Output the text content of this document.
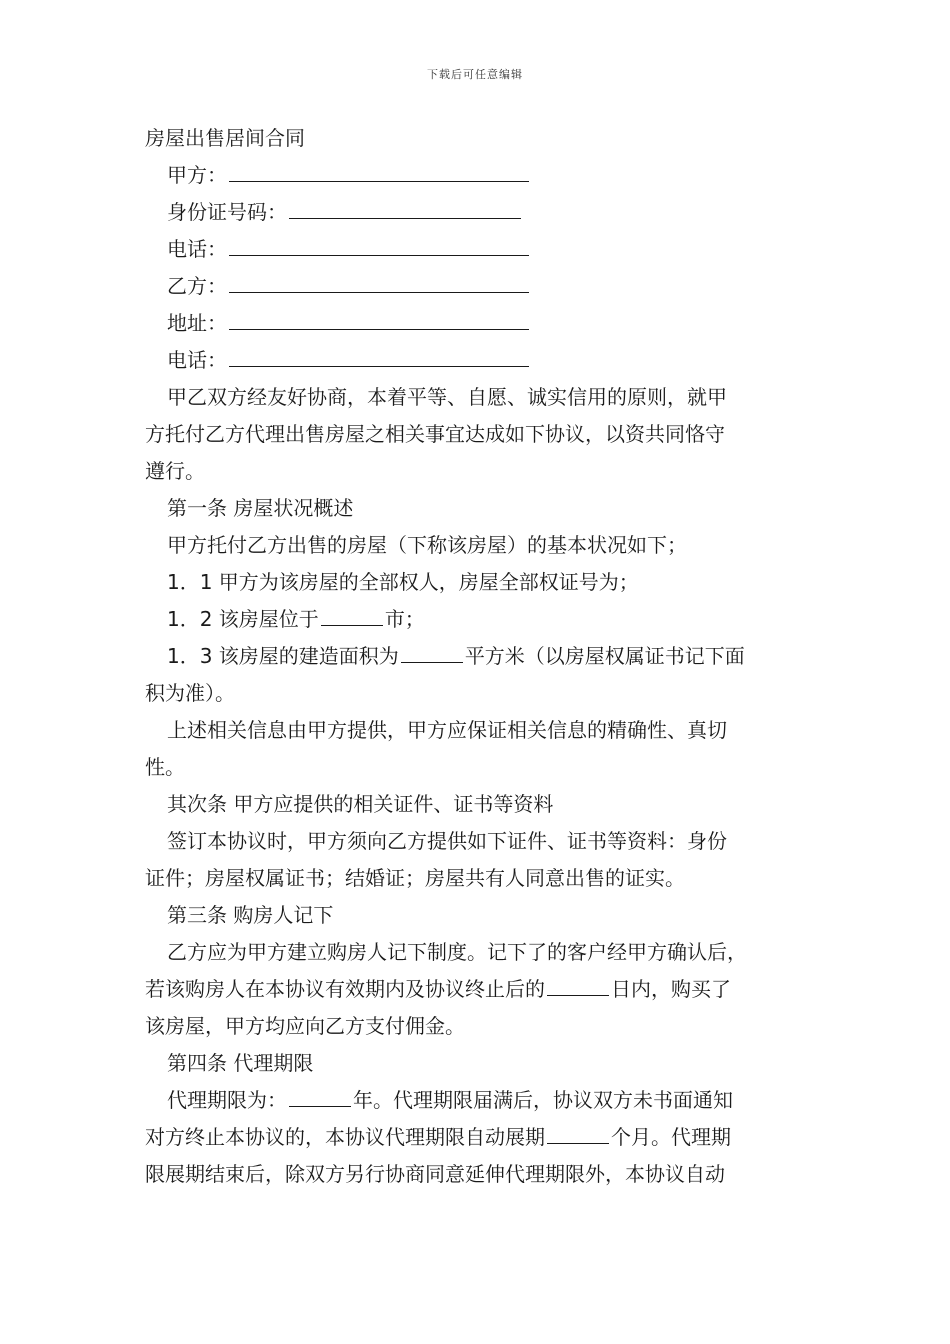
下载后可任意编辑
房屋出售居间合同
甲方：
身份证号码：
电话：
乙方：
地址：
电话：
甲乙双方经友好协商，本着平等、自愿、诚实信用的原则，就甲
方托付乙方代理出售房屋之相关事宜达成如下协议，以资共同恪守
遵行。
第一条 房屋状况概述
甲方托付乙方出售的房屋（下称该房屋）的基本状况如下；
1．1 甲方为该房屋的全部权人，房屋全部权证号为；
1．2 该房屋位于	市；
1．3 该房屋的建造面积为	平方米（以房屋权属证书记下面
积为准）。
上述相关信息由甲方提供，甲方应保证相关信息的精确性、真切
性。
其次条 甲方应提供的相关证件、证书等资料
签订本协议时，甲方须向乙方提供如下证件、证书等资料：身份
证件；房屋权属证书；结婚证；房屋共有人同意出售的证实。
第三条 购房人记下
乙方应为甲方建立购房人记下制度。记下了的客户经甲方确认后，
若该购房人在本协议有效期内及协议终止后的	日内，购买了
该房屋，甲方均应向乙方支付佣金。
第四条 代理期限
代理期限为：	年。代理期限届满后，协议双方未书面通知
对方终止本协议的，本协议代理期限自动展期	个月。代理期
限展期结束后，除双方另行协商同意延伸代理期限外，本协议自动
